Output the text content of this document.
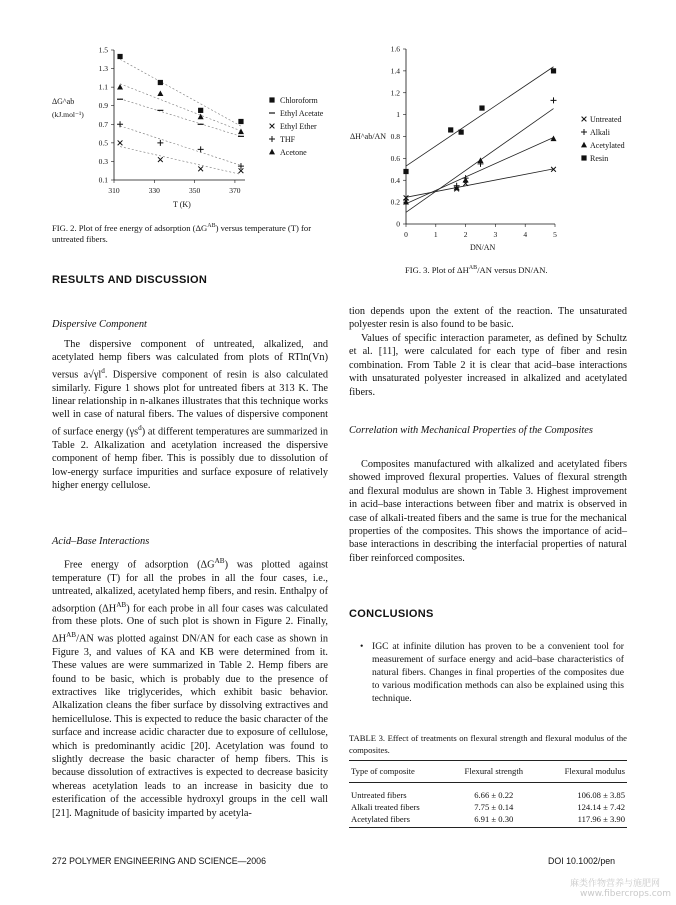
1.5
1.3
1.1
0.9
0.7
0.5
0.3
0.1
310	330	350	370
ΔG^ab
(kJ.mol⁻¹)
T (K)
Chloroform
Ethyl Acetate
Ethyl Ether
THF
Acetone
FIG. 2. Plot of free energy of adsorption $(\Delta G^{AB})$ versus temperature (T) for untreated fibers.
1.6
1.4
1.2
1
0.8
0.6
0.4
0.2
0
0	1	2	3	4	5
ΔH^ab/AN
DN/AN
Untreated
Alkali
Acetylated
Resin
FIG. 3. Plot of $\Delta H^{AB}/AN$ versus DN/AN.
RESULTS AND DISCUSSION
Dispersive Component

The dispersive component of untreated, alkalized, and acetylated hemp fibers was calculated from plots of RTln(Vn) versus $a√\gamma l^d$. Dispersive component of resin is also calculated similarly. Figure 1 shows plot for untreated fibers at 313 K. The linear relationship in n-alkanes illustrates that this technique works well in case of natural fibers. The values of dispersive component of surface energy $(\gamma s^d)$ at different temperatures are summarized in Table 2. Alkalization and acetylation increased the dispersive component of hemp fiber. This is possibly due to dissolution of low-energy surface impurities and surface exposure of relatively higher energy cellulose.

Acid–Base Interactions

Free energy of adsorption $(\Delta G^{AB})$ was plotted against temperature (T) for all the probes in all the four cases, i.e., untreated, alkalized, acetylated hemp fibers, and resin. Enthalpy of adsorption $(\Delta H^{AB})$ for each probe in all four cases was calculated from these plots. One of such plot is shown in Figure 2. Finally, $\Delta H^{AB}/AN$ was plotted against DN/AN for each case as shown in Figure 3, and values of KA and KB were determined from it. These values are were summarized in Table 2. Hemp fibers are found to be basic, which is probably due to the presence of extractives like triglycerides, which exhibit basic behavior. Alkalization cleans the fiber surface by dissolving extractives and hemicellulose. This is expected to reduce the basic character of the surface and increase acidic character due to exposure of cellulose, which is predominantly acidic [20]. Acetylation was found to slightly decrease the basic character of hemp fibers. This is because dissolution of extractives is expected to decrease basicity whereas acetylation leads to an increase in basicity due to esterification of the accessible hydroxyl groups in the cell wall [21]. Magnitude of basicity imparted by acetyla-

tion depends upon the extent of the reaction. The unsaturated polyester resin is also found to be basic.

Values of specific interaction parameter, as defined by Schultz et al. [11], were calculated for each type of fiber and resin combination. From Table 2 it is clear that acid–base interactions with unsaturated polyester increased in alkalized and acetylated fibers.

Correlation with Mechanical Properties of the Composites

Composites manufactured with alkalized and acetylated fibers showed improved flexural properties. Values of flexural strength and flexural modulus are shown in Table 3. Highest improvement in acid–base interactions between fiber and matrix is observed in case of alkali-treated fibers and the same is true for the mechanical properties of the composites. This shows the importance of acid–base interactions in describing the interfacial properties of natural fiber reinforced composites.

CONCLUSIONS
• IGC at infinite dilution has proven to be a convenient tool for measurement of surface energy and acid–base characteristics of natural fibers. Changes in final properties of the composites due to various modification methods can also be explained using this technique.
TABLE 3. Effect of treatments on flexural strength and flexural modulus of the composites.
Type of composite	Flexural strength	Flexural modulus
Untreated fibers	6.66 ± 0.22	106.08 ± 3.85
Alkali treated fibers	7.75 ± 0.14	124.14 ± 7.42
Acetylated fibers	6.91 ± 0.30	117.96 ± 3.90
272 POLYMER ENGINEERING AND SCIENCE—2006	DOI 10.1002/pen
麻类作物营养与施肥网
www.fibercrops.com
